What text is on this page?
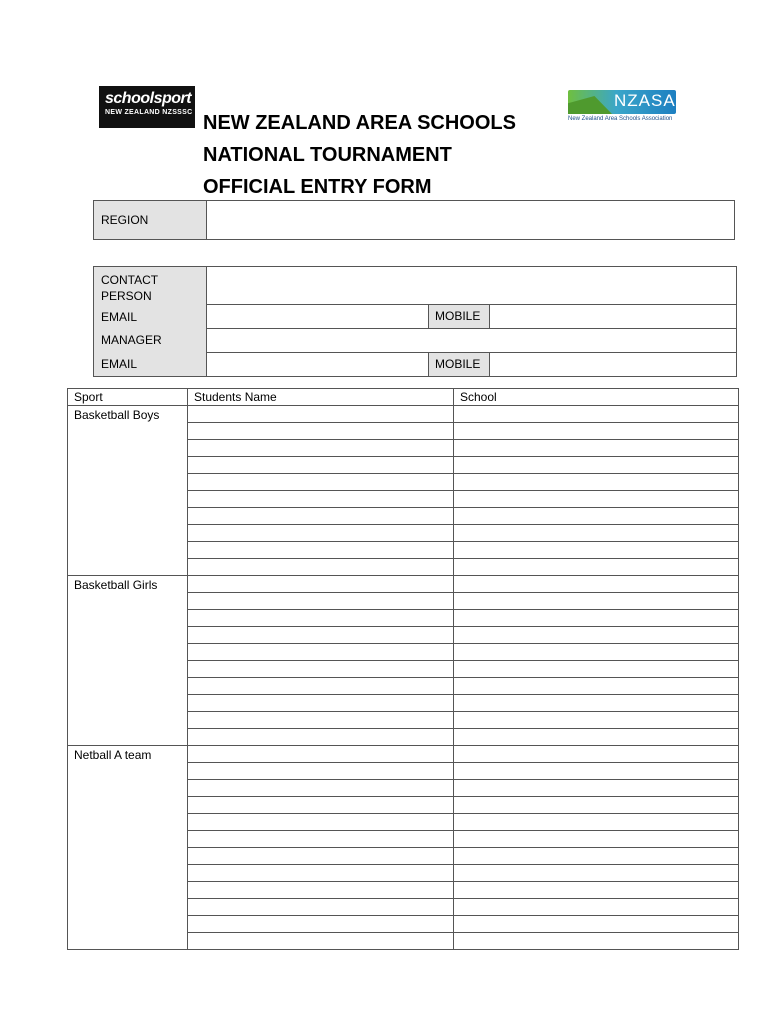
schoolsport
NEW ZEALAND NZSSSC
NZASA
New Zealand Area Schools Association
NEW ZEALAND AREA SCHOOLS
NATIONAL TOURNAMENT
OFFICIAL ENTRY FORM
REGION
CONTACT PERSON
EMAIL	MOBILE
MANAGER
EMAIL	MOBILE
Sport	Students Name	School
Basketball Boys		

Basketball Girls		

Netball A team		
